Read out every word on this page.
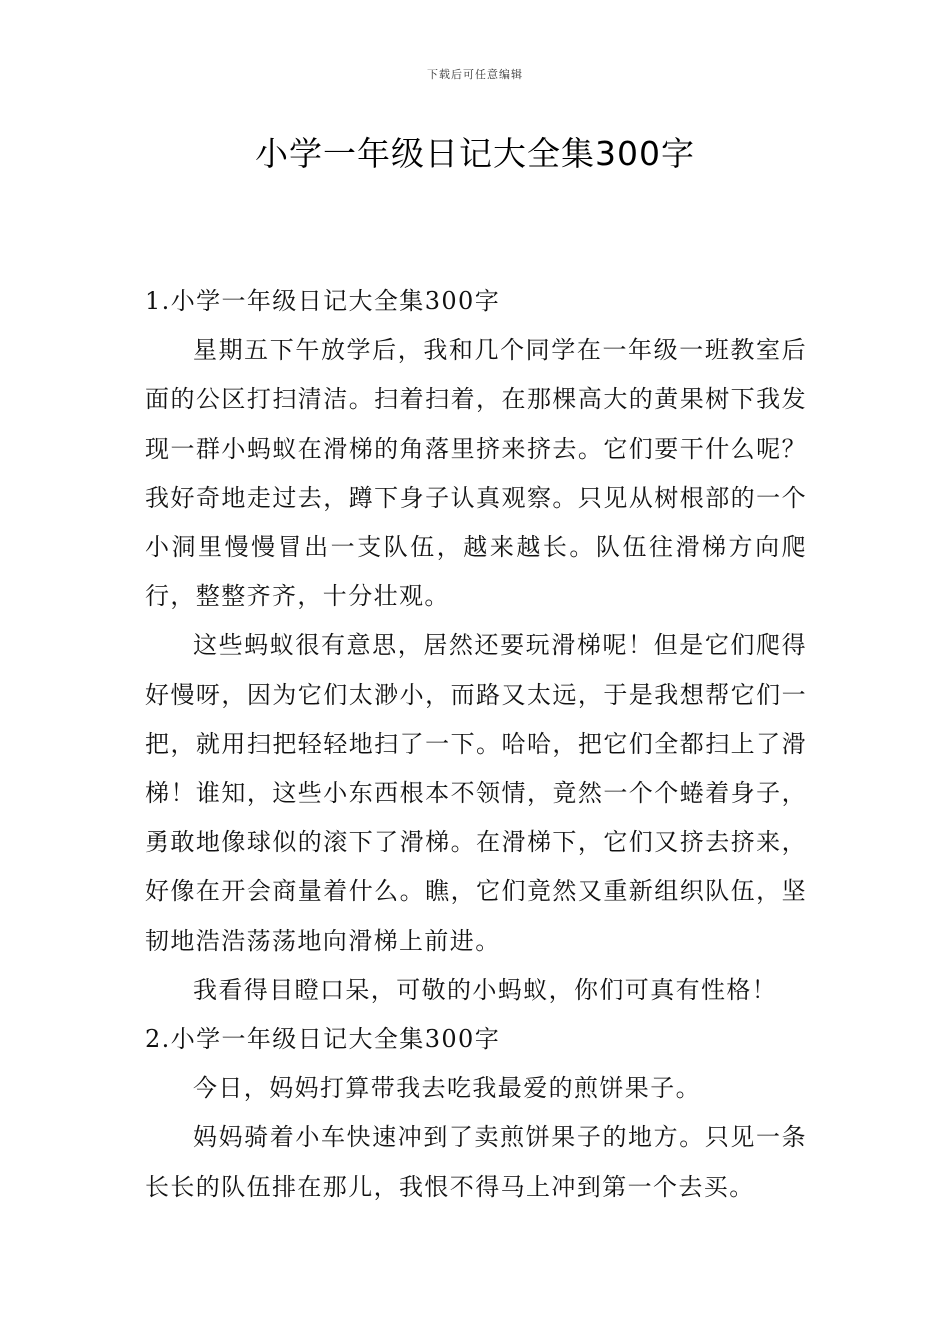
下载后可任意编辑
小学一年级日记大全集300字

1.小学一年级日记大全集300字

星期五下午放学后，我和几个同学在一年级一班教室后面的公区打扫清洁。扫着扫着，在那棵高大的黄果树下我发现一群小蚂蚁在滑梯的角落里挤来挤去。它们要干什么呢？我好奇地走过去，蹲下身子认真观察。只见从树根部的一个小洞里慢慢冒出一支队伍，越来越长。队伍往滑梯方向爬行，整整齐齐，十分壮观。

这些蚂蚁很有意思，居然还要玩滑梯呢！但是它们爬得好慢呀，因为它们太渺小，而路又太远，于是我想帮它们一把，就用扫把轻轻地扫了一下。哈哈，把它们全都扫上了滑梯！谁知，这些小东西根本不领情，竟然一个个蜷着身子，勇敢地像球似的滚下了滑梯。在滑梯下，它们又挤去挤来，好像在开会商量着什么。瞧，它们竟然又重新组织队伍，坚韧地浩浩荡荡地向滑梯上前进。

我看得目瞪口呆，可敬的小蚂蚁，你们可真有性格！

2.小学一年级日记大全集300字

今日，妈妈打算带我去吃我最爱的煎饼果子。

妈妈骑着小车快速冲到了卖煎饼果子的地方。只见一条长长的队伍排在那儿，我恨不得马上冲到第一个去买。
